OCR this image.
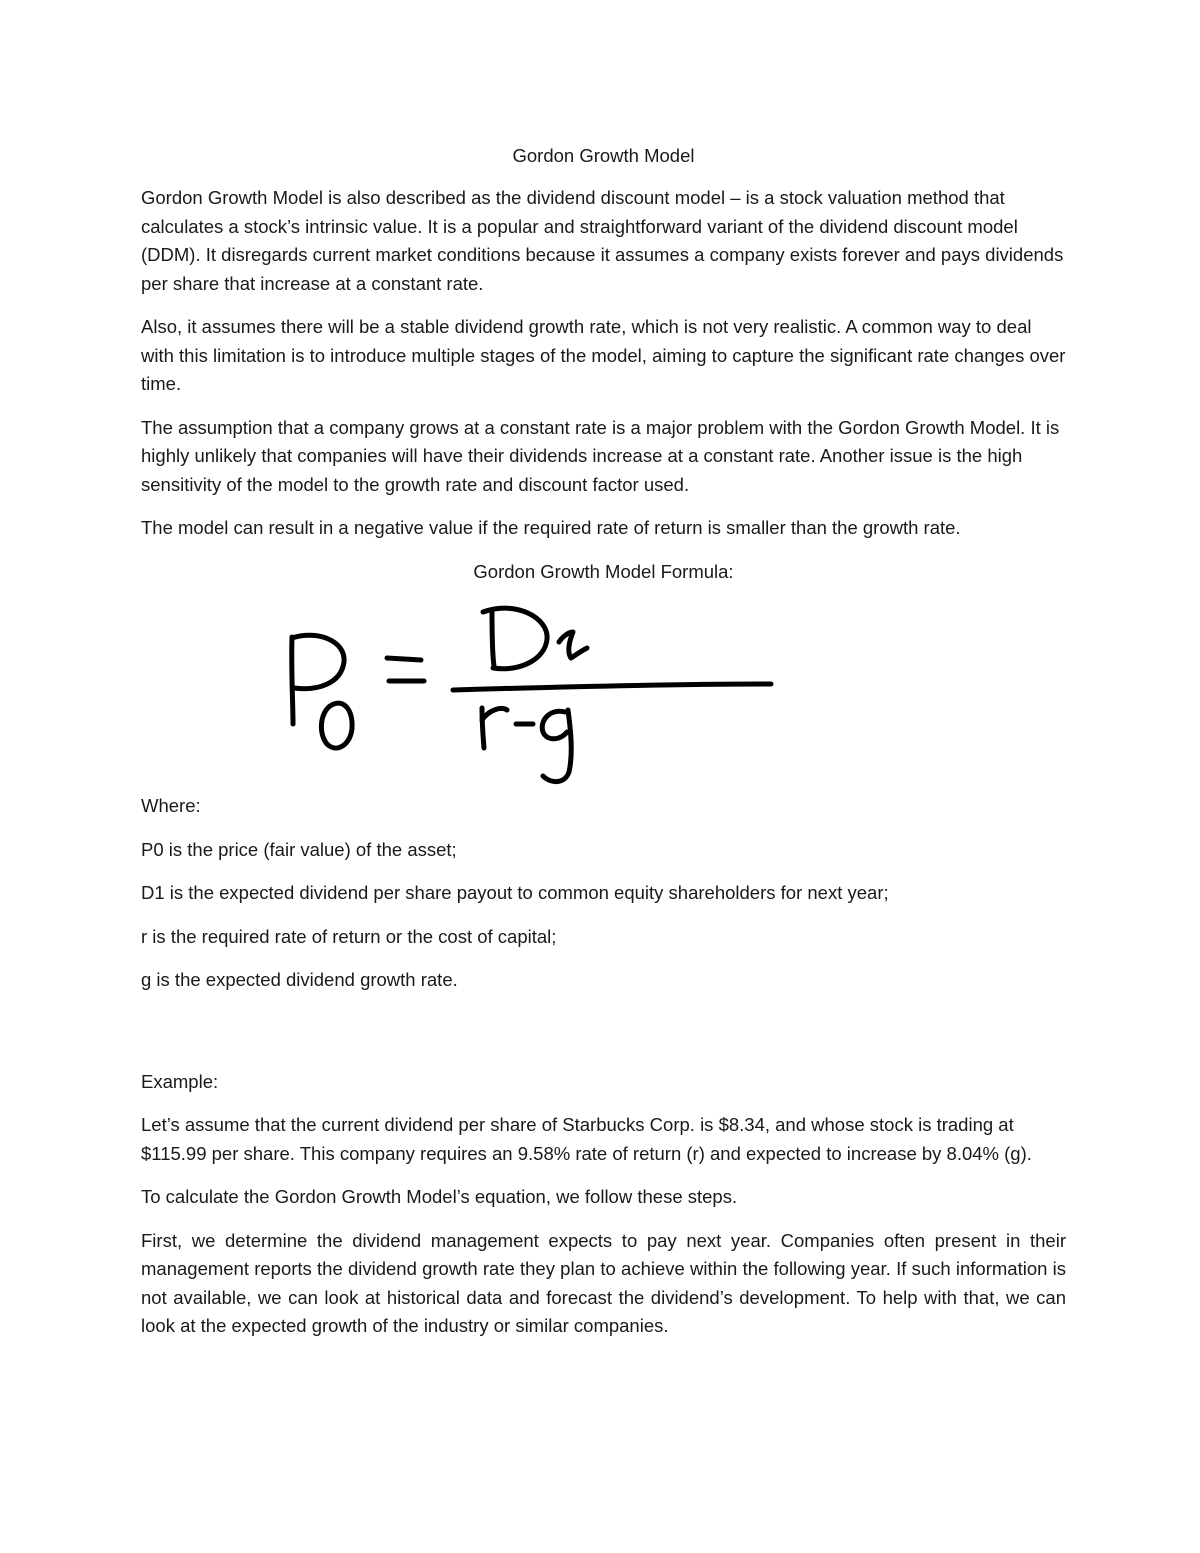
Gordon Growth Model

Gordon Growth Model is also described as the dividend discount model – is a stock valuation method that calculates a stock’s intrinsic value. It is a popular and straightforward variant of the dividend discount model (DDM). It disregards current market conditions because it assumes a company exists forever and pays dividends per share that increase at a constant rate.

Also, it assumes there will be a stable dividend growth rate, which is not very realistic. A common way to deal with this limitation is to introduce multiple stages of the model, aiming to capture the significant rate changes over time.

The assumption that a company grows at a constant rate is a major problem with the Gordon Growth Model. It is highly unlikely that companies will have their dividends increase at a constant rate. Another issue is the high sensitivity of the model to the growth rate and discount factor used.

The model can result in a negative value if the required rate of return is smaller than the growth rate.

Gordon Growth Model Formula:

Where:

P0 is the price (fair value) of the asset;

D1 is the expected dividend per share payout to common equity shareholders for next year;

r is the required rate of return or the cost of capital;

g is the expected dividend growth rate.

Example:

Let’s assume that the current dividend per share of Starbucks Corp. is $8.34, and whose stock is trading at $115.99 per share. This company requires an 9.58% rate of return (r) and expected to increase by 8.04% (g).

To calculate the Gordon Growth Model’s equation, we follow these steps.

First, we determine the dividend management expects to pay next year. Companies often present in their management reports the dividend growth rate they plan to achieve within the following year. If such information is not available, we can look at historical data and forecast the dividend’s development. To help with that, we can look at the expected growth of the industry or similar companies.
